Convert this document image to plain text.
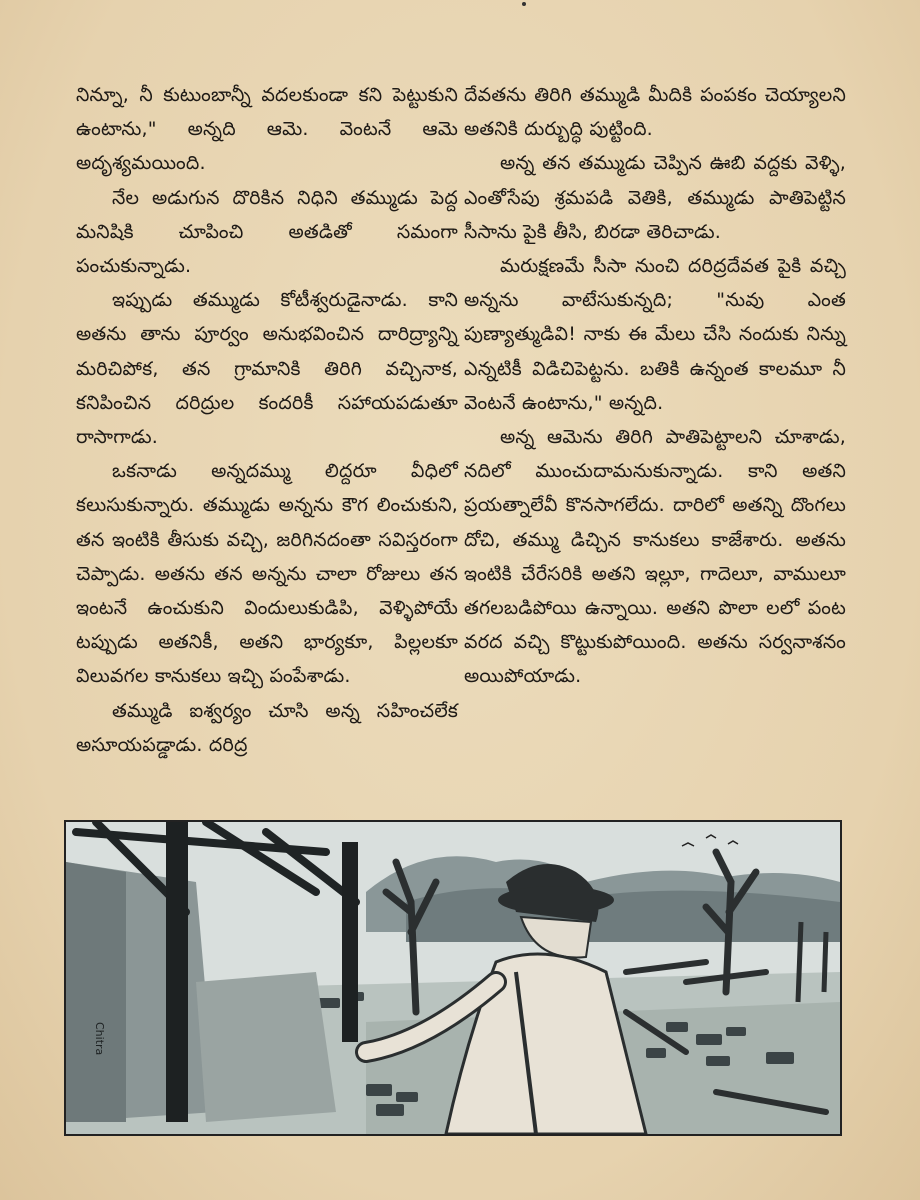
నిన్నూ, నీ కుటుంబాన్నీ వదలకుండా కని పెట్టుకుని ఉంటాను," అన్నది ఆమె. వెంటనే ఆమె అదృశ్యమయింది.

నేల అడుగున దొరికిన నిధిని తమ్ముడు పెద్ద మనిషికి చూపించి అతడితో సమంగా పంచుకున్నాడు.

ఇప్పుడు తమ్ముడు కోటీశ్వరుడైనాడు. కాని అతను తాను పూర్వం అనుభవించిన దారిద్ర్యాన్ని మరిచిపోక, తన గ్రామానికి తిరిగి వచ్చినాక, కనిపించిన దరిద్రుల కందరికీ సహాయపడుతూ రాసాగాడు.

ఒకనాడు అన్నదమ్ము లిద్దరూ వీధిలో కలుసుకున్నారు. తమ్ముడు అన్నను కౌగ లించుకుని, తన ఇంటికి తీసుకు వచ్చి, జరిగినదంతా సవిస్తరంగా చెప్పాడు. అతను తన అన్నను చాలా రోజులు తన ఇంటనే ఉంచుకుని విందులుకుడిపి, వెళ్ళిపోయే టప్పుడు అతనికీ, అతని భార్యకూ, పిల్లలకూ విలువగల కానుకలు ఇచ్చి పంపేశాడు.

తమ్ముడి ఐశ్వర్యం చూసి అన్న సహించలేక అసూయపడ్డాడు. దరిద్ర

దేవతను తిరిగి తమ్ముడి మీదికి పంపకం చెయ్యాలని అతనికి దుర్బుద్ధి పుట్టింది.

అన్న తన తమ్ముడు చెప్పిన ఊబి వద్దకు వెళ్ళి, ఎంతోసేపు శ్రమపడి వెతికి, తమ్ముడు పాతిపెట్టిన సీసాను పైకి తీసి, బిరడా తెరిచాడు.

మరుక్షణమే సీసా నుంచి దరిద్రదేవత పైకి వచ్చి అన్నను వాటేసుకున్నది; "నువు ఎంత పుణ్యాత్ముడివి! నాకు ఈ మేలు చేసి నందుకు నిన్ను ఎన్నటికీ విడిచిపెట్టను. బతికి ఉన్నంత కాలమూ నీ వెంటనే ఉంటాను," అన్నది.

అన్న ఆమెను తిరిగి పాతిపెట్టాలని చూశాడు, నదిలో ముంచుదామనుకున్నాడు. కాని అతని ప్రయత్నాలేవీ కొనసాగలేదు. దారిలో అతన్ని దొంగలు దోచి, తమ్ము డిచ్చిన కానుకలు కాజేశారు. అతను ఇంటికి చేరేసరికి అతని ఇల్లూ, గాదెలూ, వాములూ తగలబడిపోయి ఉన్నాయి. అతని పొలా లలో పంట వరద వచ్చి కొట్టుకుపోయింది. అతను సర్వనాశనం అయిపోయాడు.

Chitra
